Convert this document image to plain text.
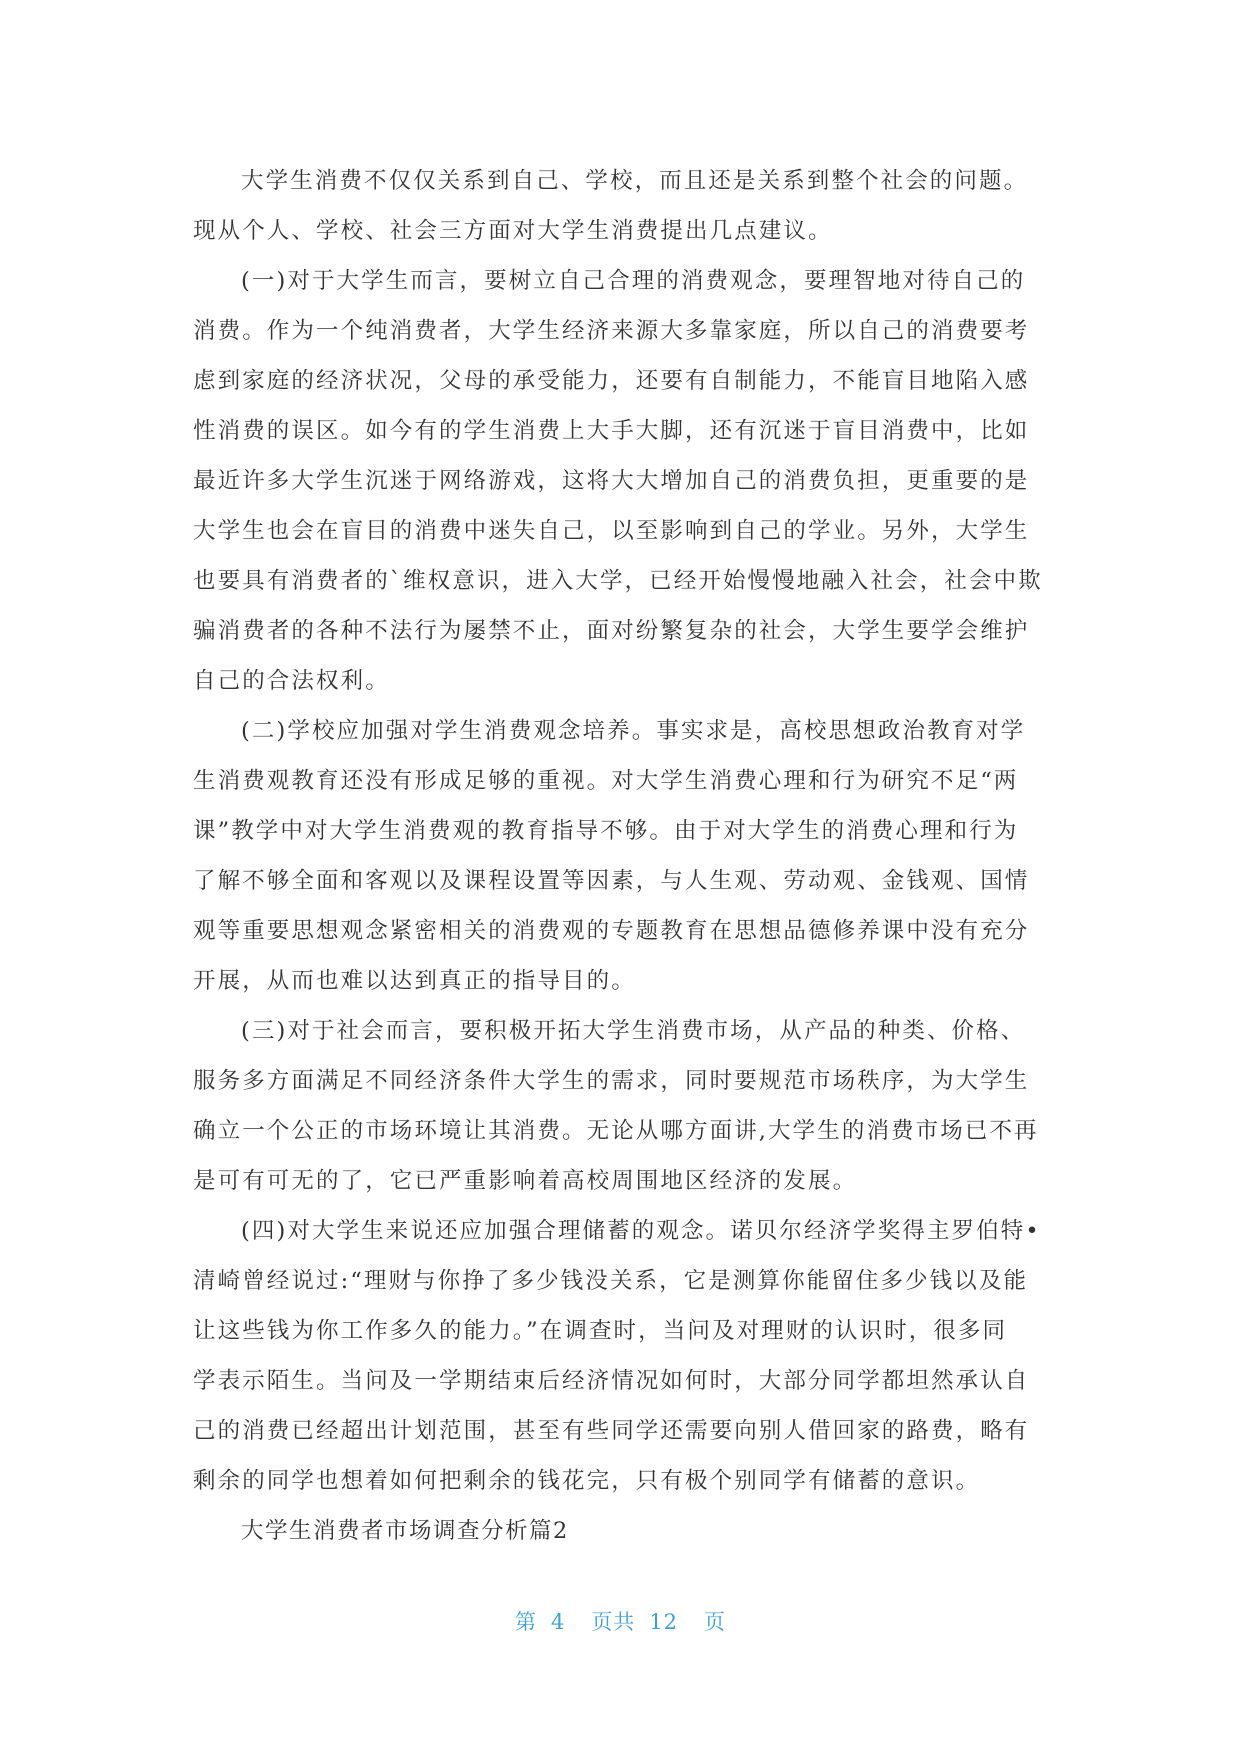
大学生消费不仅仅关系到自己、学校，而且还是关系到整个社会的问题。
现从个人、学校、社会三方面对大学生消费提出几点建议。

(一)对于大学生而言，要树立自己合理的消费观念，要理智地对待自己的
消费。作为一个纯消费者，大学生经济来源大多靠家庭，所以自己的消费要考
虑到家庭的经济状况，父母的承受能力，还要有自制能力，不能盲目地陷入感
性消费的误区。如今有的学生消费上大手大脚，还有沉迷于盲目消费中，比如
最近许多大学生沉迷于网络游戏，这将大大增加自己的消费负担，更重要的是
大学生也会在盲目的消费中迷失自己，以至影响到自己的学业。另外，大学生
也要具有消费者的`维权意识，进入大学，已经开始慢慢地融入社会，社会中欺
骗消费者的各种不法行为屡禁不止，面对纷繁复杂的社会，大学生要学会维护
自己的合法权利。

(二)学校应加强对学生消费观念培养。事实求是，高校思想政治教育对学
生消费观教育还没有形成足够的重视。对大学生消费心理和行为研究不足“两
课”教学中对大学生消费观的教育指导不够。由于对大学生的消费心理和行为
了解不够全面和客观以及课程设置等因素，与人生观、劳动观、金钱观、国情
观等重要思想观念紧密相关的消费观的专题教育在思想品德修养课中没有充分
开展，从而也难以达到真正的指导目的。

(三)对于社会而言，要积极开拓大学生消费市场，从产品的种类、价格、
服务多方面满足不同经济条件大学生的需求，同时要规范市场秩序，为大学生
确立一个公正的市场环境让其消费。无论从哪方面讲,大学生的消费市场已不再
是可有可无的了，它已严重影响着高校周围地区经济的发展。

(四)对大学生来说还应加强合理储蓄的观念。诺贝尔经济学奖得主罗伯特•
清崎曾经说过:“理财与你挣了多少钱没关系，它是测算你能留住多少钱以及能
让这些钱为你工作多久的能力。”在调查时，当问及对理财的认识时，很多同
学表示陌生。当问及一学期结束后经济情况如何时，大部分同学都坦然承认自
己的消费已经超出计划范围，甚至有些同学还需要向别人借回家的路费，略有
剩余的同学也想着如何把剩余的钱花完，只有极个别同学有储蓄的意识。

大学生消费者市场调查分析篇2

第 4 页共 12 页
